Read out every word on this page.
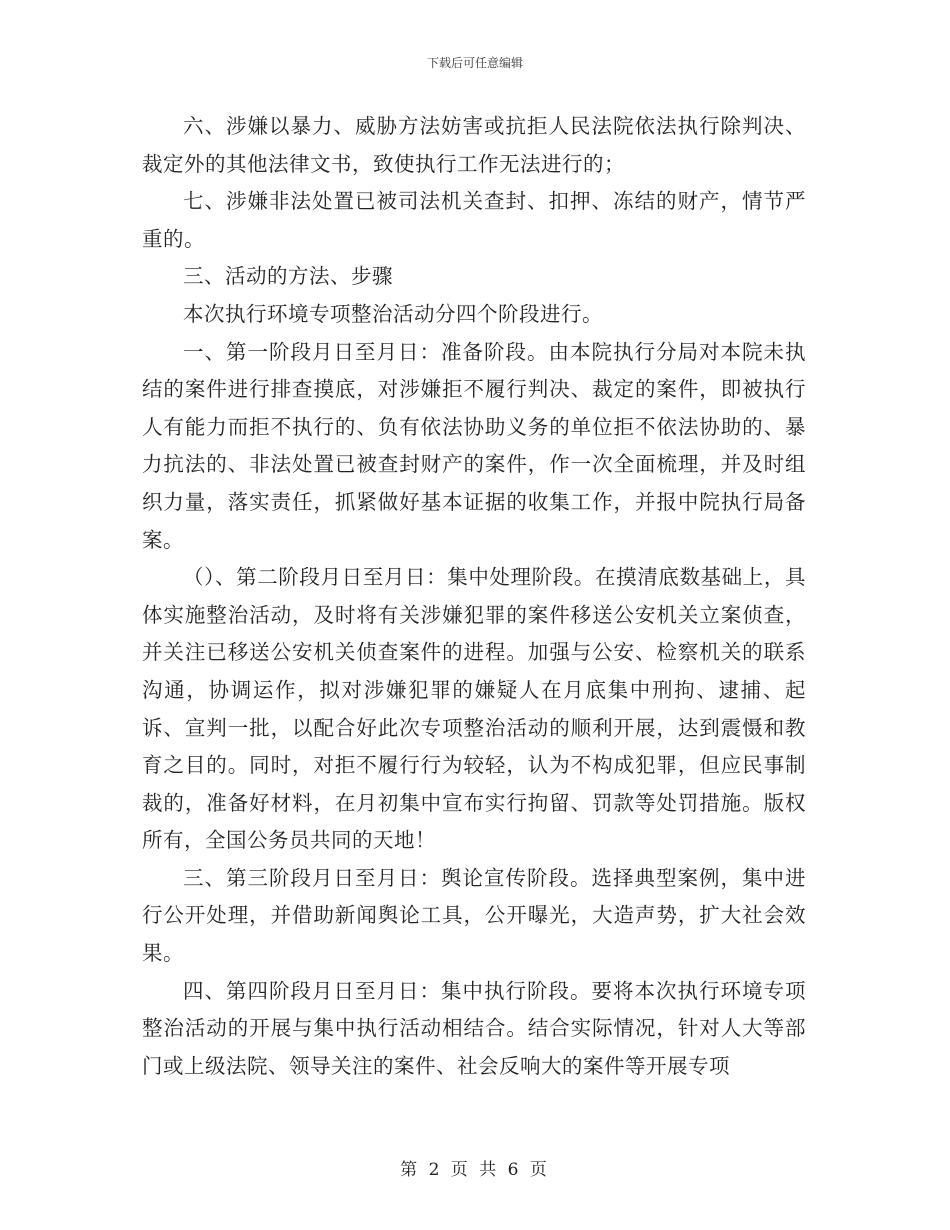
下载后可任意编辑

六、涉嫌以暴力、威胁方法妨害或抗拒人民法院依法执行除判决、裁定外的其他法律文书，致使执行工作无法进行的；

七、涉嫌非法处置已被司法机关查封、扣押、冻结的财产，情节严重的。

三、活动的方法、步骤

本次执行环境专项整治活动分四个阶段进行。

一、第一阶段月日至月日：准备阶段。由本院执行分局对本院未执结的案件进行排查摸底，对涉嫌拒不履行判决、裁定的案件，即被执行人有能力而拒不执行的、负有依法协助义务的单位拒不依法协助的、暴力抗法的、非法处置已被查封财产的案件，作一次全面梳理，并及时组织力量，落实责任，抓紧做好基本证据的收集工作，并报中院执行局备案。

（）、第二阶段月日至月日：集中处理阶段。在摸清底数基础上，具体实施整治活动，及时将有关涉嫌犯罪的案件移送公安机关立案侦查，并关注已移送公安机关侦查案件的进程。加强与公安、检察机关的联系沟通，协调运作，拟对涉嫌犯罪的嫌疑人在月底集中刑拘、逮捕、起诉、宣判一批，以配合好此次专项整治活动的顺利开展，达到震慑和教育之目的。同时，对拒不履行行为较轻，认为不构成犯罪，但应民事制裁的，准备好材料，在月初集中宣布实行拘留、罚款等处罚措施。版权所有，全国公务员共同的天地！

三、第三阶段月日至月日：舆论宣传阶段。选择典型案例，集中进行公开处理，并借助新闻舆论工具，公开曝光，大造声势，扩大社会效果。

四、第四阶段月日至月日：集中执行阶段。要将本次执行环境专项整治活动的开展与集中执行活动相结合。结合实际情况，针对人大等部门或上级法院、领导关注的案件、社会反响大的案件等开展专项

第 2 页 共 6 页
